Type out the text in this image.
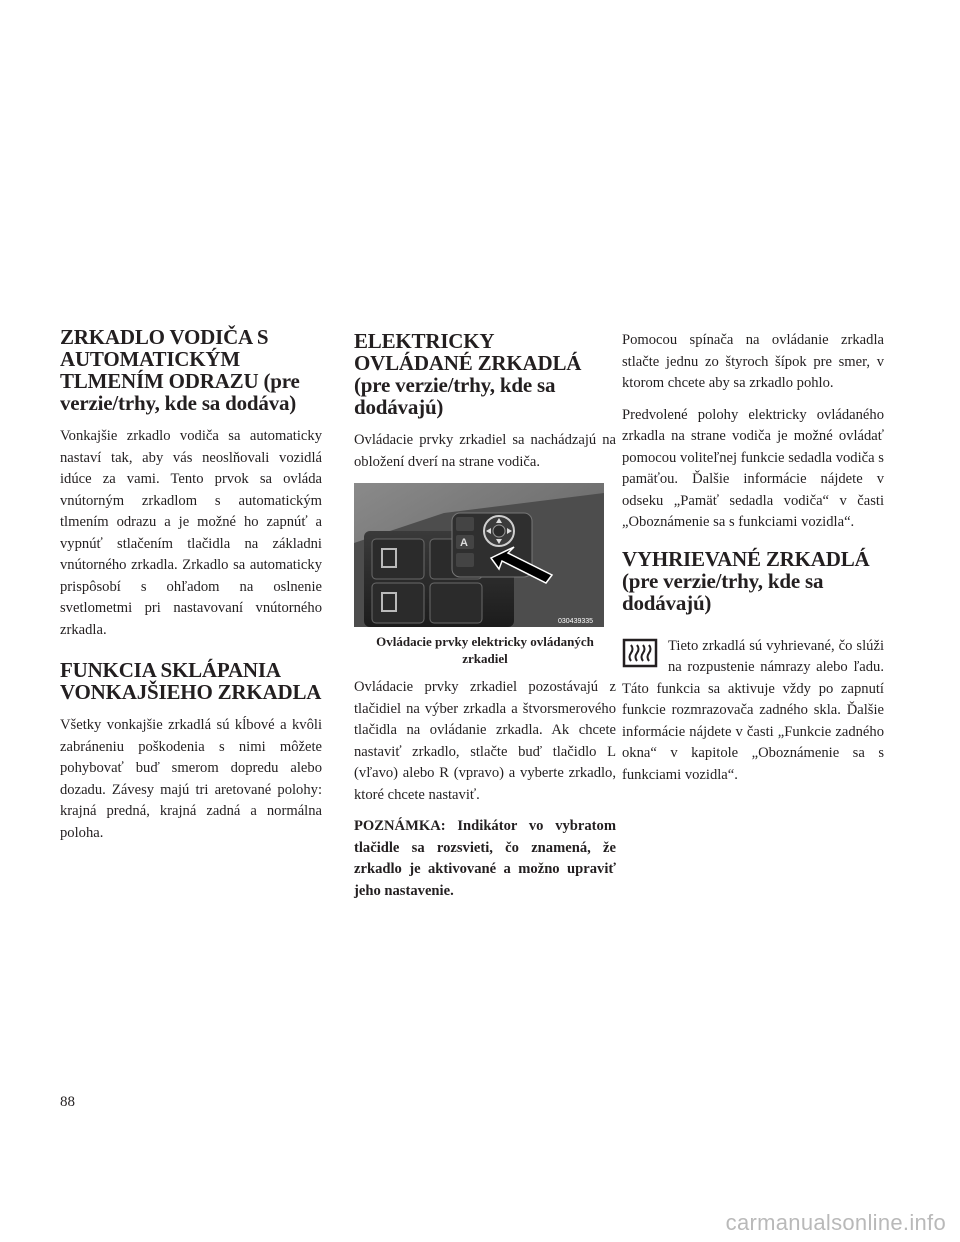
ZRKADLO VODIČA S AUTOMATICKÝM TLMENÍM ODRAZU (pre verzie/trhy, kde sa dodáva)

Vonkajšie zrkadlo vodiča sa automaticky nastaví tak, aby vás neoslňovali vozidlá idúce za vami. Tento prvok sa ovláda vnútorným zrkadlom s automatickým tlmením odrazu a je možné ho zapnúť a vypnúť stlačením tlačidla na základni vnútorného zrkadla. Zrkadlo sa automaticky prispôsobí s ohľadom na oslnenie svetlometmi pri nastavovaní vnútorného zrkadla.

FUNKCIA SKLÁPANIA VONKAJŠIEHO ZRKADLA

Všetky vonkajšie zrkadlá sú kĺbové a kvôli zabráneniu poškodenia s nimi môžete pohybovať buď smerom dopredu alebo dozadu. Závesy majú tri aretované polohy: krajná predná, krajná zadná a normálna poloha.

ELEKTRICKY OVLÁDANÉ ZRKADLÁ (pre verzie/trhy, kde sa dodávajú)

Ovládacie prvky zrkadiel sa nachádzajú na obložení dverí na strane vodiča.

A
030439335
Ovládacie prvky elektricky ovládaných zrkadiel

Ovládacie prvky zrkadiel pozostávajú z tlačidiel na výber zrkadla a štvorsmerového tlačidla na ovládanie zrkadla. Ak chcete nastaviť zrkadlo, stlačte buď tlačidlo L (vľavo) alebo R (vpravo) a vyberte zrkadlo, ktoré chcete nastaviť.

POZNÁMKA: Indikátor vo vybratom tlačidle sa rozsvieti, čo znamená, že zrkadlo je aktivované a možno upraviť jeho nastavenie.

Pomocou spínača na ovládanie zrkadla stlačte jednu zo štyroch šípok pre smer, v ktorom chcete aby sa zrkadlo pohlo.

Predvolené polohy elektricky ovládaného zrkadla na strane vodiča je možné ovládať pomocou voliteľnej funkcie sedadla vodiča s pamäťou. Ďalšie informácie nájdete v odseku „Pamäť sedadla vodiča“ v časti „Oboznámenie sa s funkciami vozidla“.

VYHRIEVANÉ ZRKADLÁ (pre verzie/trhy, kde sa dodávajú)

Tieto zrkadlá sú vyhrievané, čo slúži na rozpustenie námrazy alebo ľadu. Táto funkcia sa aktivuje vždy po zapnutí funkcie rozmrazovača zadného skla. Ďalšie informácie nájdete v časti „Funkcie zadného okna“ v kapitole „Oboznámenie sa s funkciami vozidla“.

88
carmanualsonline.info
